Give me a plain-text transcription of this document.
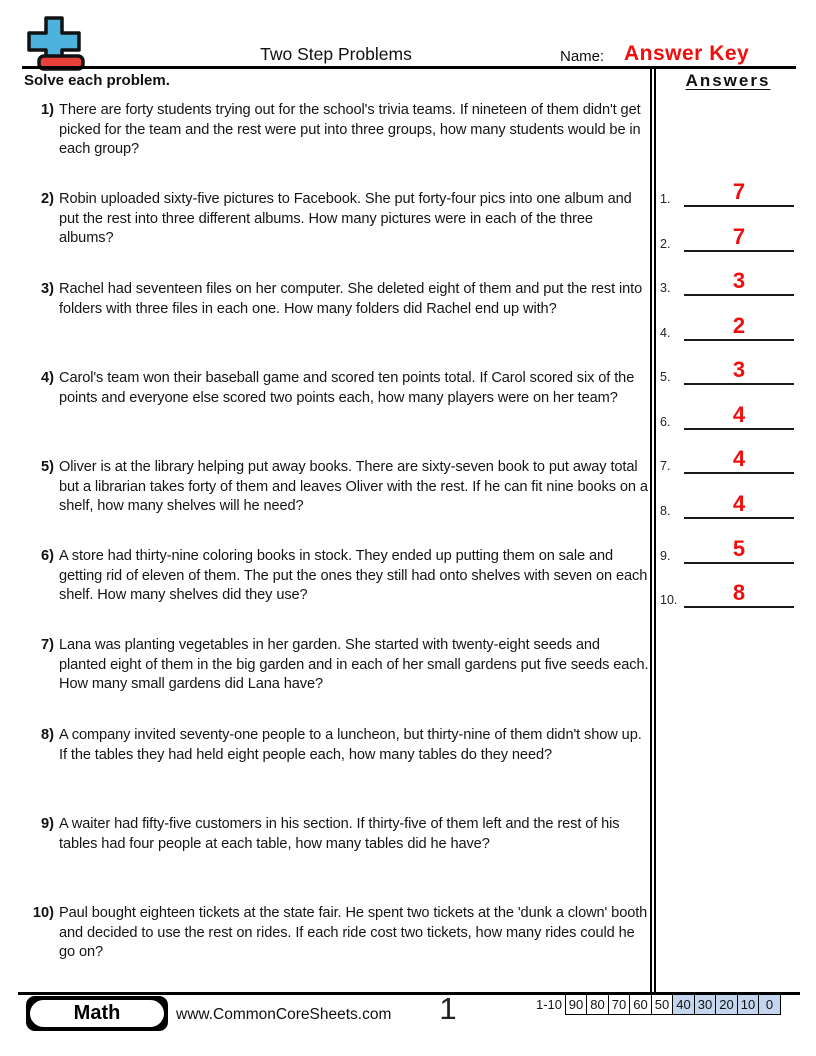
Two Step Problems	Name: Answer Key
Solve each problem.
1) There are forty students trying out for the school's trivia teams. If nineteen of them didn't get picked for the team and the rest were put into three groups, how many students would be in each group?
2) Robin uploaded sixty-five pictures to Facebook. She put forty-four pics into one album and put the rest into three different albums. How many pictures were in each of the three albums?
3) Rachel had seventeen files on her computer. She deleted eight of them and put the rest into folders with three files in each one. How many folders did Rachel end up with?
4) Carol's team won their baseball game and scored ten points total. If Carol scored six of the points and everyone else scored two points each, how many players were on her team?
5) Oliver is at the library helping put away books. There are sixty-seven book to put away total but a librarian takes forty of them and leaves Oliver with the rest. If he can fit nine books on a shelf, how many shelves will he need?
6) A store had thirty-nine coloring books in stock. They ended up putting them on sale and getting rid of eleven of them. The put the ones they still had onto shelves with seven on each shelf. How many shelves did they use?
7) Lana was planting vegetables in her garden. She started with twenty-eight seeds and planted eight of them in the big garden and in each of her small gardens put five seeds each. How many small gardens did Lana have?
8) A company invited seventy-one people to a luncheon, but thirty-nine of them didn't show up. If the tables they had held eight people each, how many tables do they need?
9) A waiter had fifty-five customers in his section. If thirty-five of them left and the rest of his tables had four people at each table, how many tables did he have?
10) Paul bought eighteen tickets at the state fair. He spent two tickets at the 'dunk a clown' booth and decided to use the rest on rides. If each ride cost two tickets, how many rides could he go on?
Answers
1.	7
2.	7
3.	3
4.	2
5.	3
6.	4
7.	4
8.	4
9.	5
10.	8
Math	www.CommonCoreSheets.com	1	1-10 90 80 70 60 50 40 30 20 10 0
